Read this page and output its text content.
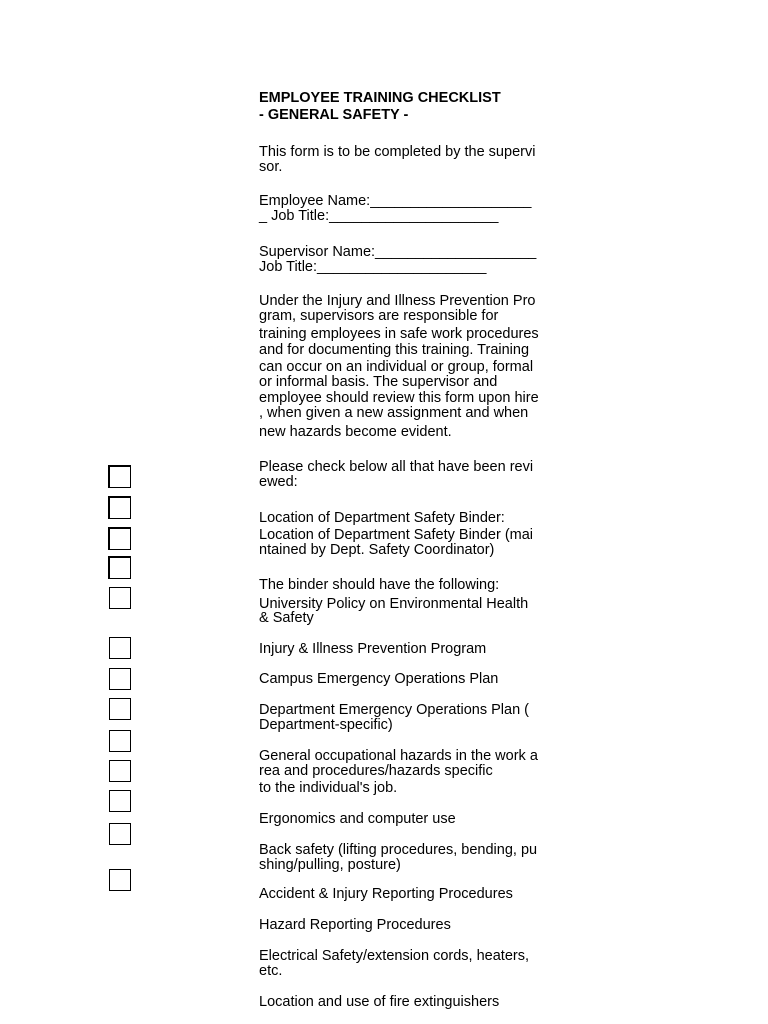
EMPLOYEE TRAINING CHECKLIST
- GENERAL SAFETY -
This form is to be completed by the supervi
sor.
Employee Name:____________________
_ Job Title:_____________________
Supervisor Name:____________________
Job Title:_____________________
Under the Injury and Illness Prevention Pro
gram, supervisors are responsible for
training employees in safe work procedures
and for documenting this training. Training
can occur on an individual or group, formal
or informal basis. The supervisor and
employee should review this form upon hire
, when given a new assignment and when
new hazards become evident.
Please check below all that have been revi
ewed:
Location of Department Safety Binder:
Location of Department Safety Binder (mai
ntained by Dept. Safety Coordinator)
The binder should have the following:
University Policy on Environmental Health
& Safety
Injury & Illness Prevention Program
Campus Emergency Operations Plan
Department Emergency Operations Plan (
Department-specific)
General occupational hazards in the work a
rea and procedures/hazards specific
to the individual's job.
Ergonomics and computer use
Back safety (lifting procedures, bending, pu
shing/pulling, posture)
Accident & Injury Reporting Procedures
Hazard Reporting Procedures
Electrical Safety/extension cords, heaters,
etc.
Location and use of fire extinguishers
